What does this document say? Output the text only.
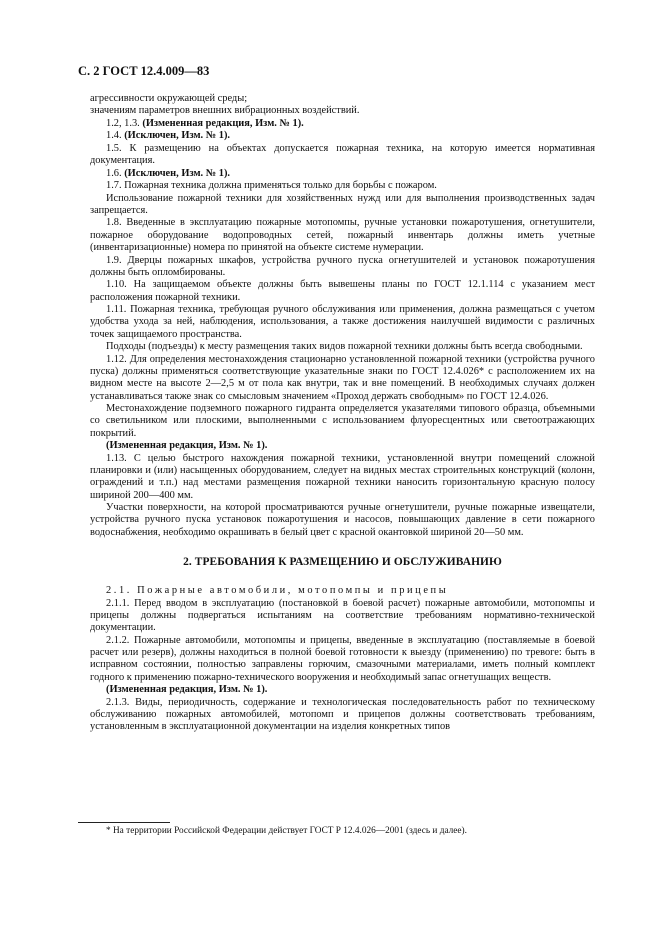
С. 2 ГОСТ 12.4.009—83

агрессивности окружающей среды;

значениям параметров внешних вибрационных воздействий.

1.2, 1.3. (Измененная редакция, Изм. № 1).

1.4. (Исключен, Изм. № 1).

1.5. К размещению на объектах допускается пожарная техника, на которую имеется нормативная документация.

1.6. (Исключен, Изм. № 1).

1.7. Пожарная техника должна применяться только для борьбы с пожаром.

Использование пожарной техники для хозяйственных нужд или для выполнения производственных задач запрещается.

1.8. Введенные в эксплуатацию пожарные мотопомпы, ручные установки пожаротушения, огнетушители, пожарное оборудование водопроводных сетей, пожарный инвентарь должны иметь учетные (инвентаризационные) номера по принятой на объекте системе нумерации.

1.9. Дверцы пожарных шкафов, устройства ручного пуска огнетушителей и установок пожаротушения должны быть опломбированы.

1.10. На защищаемом объекте должны быть вывешены планы по ГОСТ 12.1.114 с указанием мест расположения пожарной техники.

1.11. Пожарная техника, требующая ручного обслуживания или применения, должна размещаться с учетом удобства ухода за ней, наблюдения, использования, а также достижения наилучшей видимости с различных точек защищаемого пространства.

Подходы (подъезды) к месту размещения таких видов пожарной техники должны быть всегда свободными.

1.12. Для определения местонахождения стационарно установленной пожарной техники (устройства ручного пуска) должны применяться соответствующие указательные знаки по ГОСТ 12.4.026* с расположением их на видном месте на высоте 2—2,5 м от пола как внутри, так и вне помещений. В необходимых случаях должен устанавливаться также знак со смысловым значением «Проход держать свободным» по ГОСТ 12.4.026.

Местонахождение подземного пожарного гидранта определяется указателями типового образца, объемными со светильником или плоскими, выполненными с использованием флуоресцентных или светоотражающих покрытий.

(Измененная редакция, Изм. № 1).

1.13. С целью быстрого нахождения пожарной техники, установленной внутри помещений сложной планировки и (или) насыщенных оборудованием, следует на видных местах строительных конструкций (колонн, ограждений и т.п.) над местами размещения пожарной техники наносить горизонтальную красную полосу шириной 200—400 мм.

Участки поверхности, на которой просматриваются ручные огнетушители, ручные пожарные извещатели, устройства ручного пуска установок пожаротушения и насосов, повышающих давление в сети пожарного водоснабжения, необходимо окрашивать в белый цвет с красной окантовкой шириной 20—50 мм.

2. ТРЕБОВАНИЯ К РАЗМЕЩЕНИЮ И ОБСЛУЖИВАНИЮ

2.1. Пожарные автомобили, мотопомпы и прицепы

2.1.1. Перед вводом в эксплуатацию (постановкой в боевой расчет) пожарные автомобили, мотопомпы и прицепы должны подвергаться испытаниям на соответствие требованиям нормативно-технической документации.

2.1.2. Пожарные автомобили, мотопомпы и прицепы, введенные в эксплуатацию (поставляемые в боевой расчет или резерв), должны находиться в полной боевой готовности к выезду (применению) по тревоге: быть в исправном состоянии, полностью заправлены горючим, смазочными материалами, иметь полный комплект годного к применению пожарно-технического вооружения и необходимый запас огнетушащих веществ.

(Измененная редакция, Изм. № 1).

2.1.3. Виды, периодичность, содержание и технологическая последовательность работ по техническому обслуживанию пожарных автомобилей, мотопомп и прицепов должны соответствовать требованиям, установленным в эксплуатационной документации на изделия конкретных типов

* На территории Российской Федерации действует ГОСТ Р 12.4.026—2001 (здесь и далее).
